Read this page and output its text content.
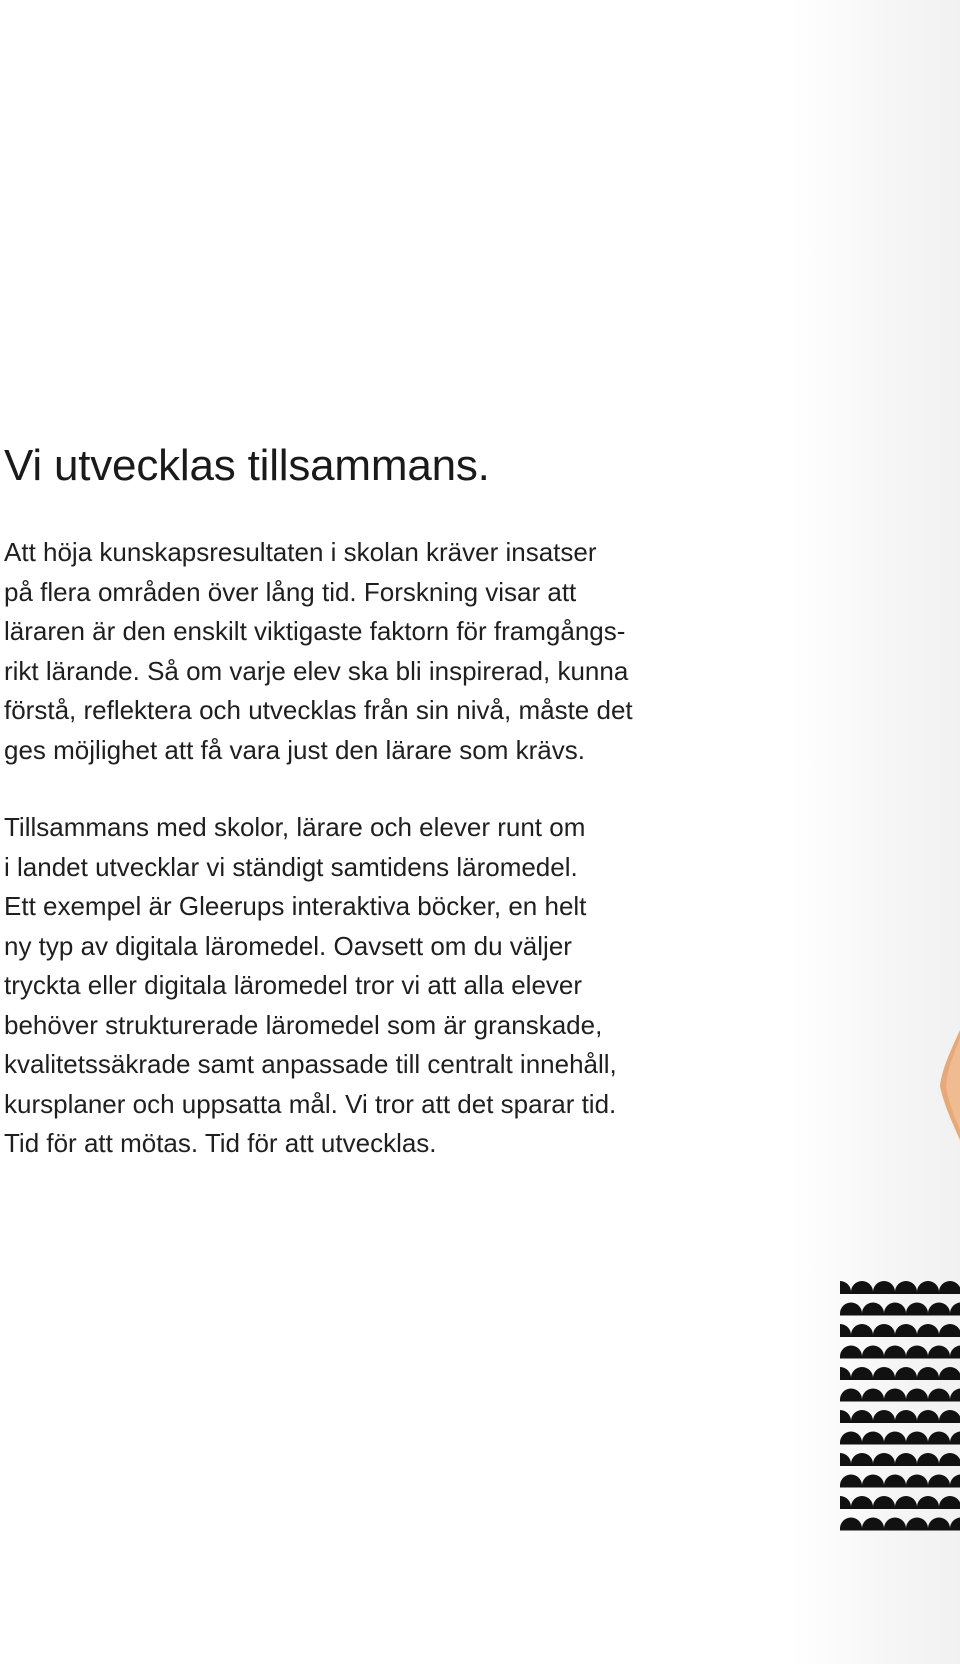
Vi utvecklas tillsammans.

Att höja kunskapsresultaten i skolan kräver insatser
på flera områden över lång tid. Forskning visar att
läraren är den enskilt viktigaste faktorn för framgångs-
rikt lärande. Så om varje elev ska bli inspirerad, kunna
förstå, reflektera och utvecklas från sin nivå, måste det
ges möjlighet att få vara just den lärare som krävs.

Tillsammans med skolor, lärare och elever runt om
i landet utvecklar vi ständigt samtidens läromedel.
Ett exempel är Gleerups interaktiva böcker, en helt
ny typ av digitala läromedel. Oavsett om du väljer
tryckta eller digitala läromedel tror vi att alla elever
behöver strukturerade läromedel som är granskade,
kvalitetssäkrade samt anpassade till centralt innehåll,
kursplaner och uppsatta mål. Vi tror att det sparar tid.
Tid för att mötas. Tid för att utvecklas.
